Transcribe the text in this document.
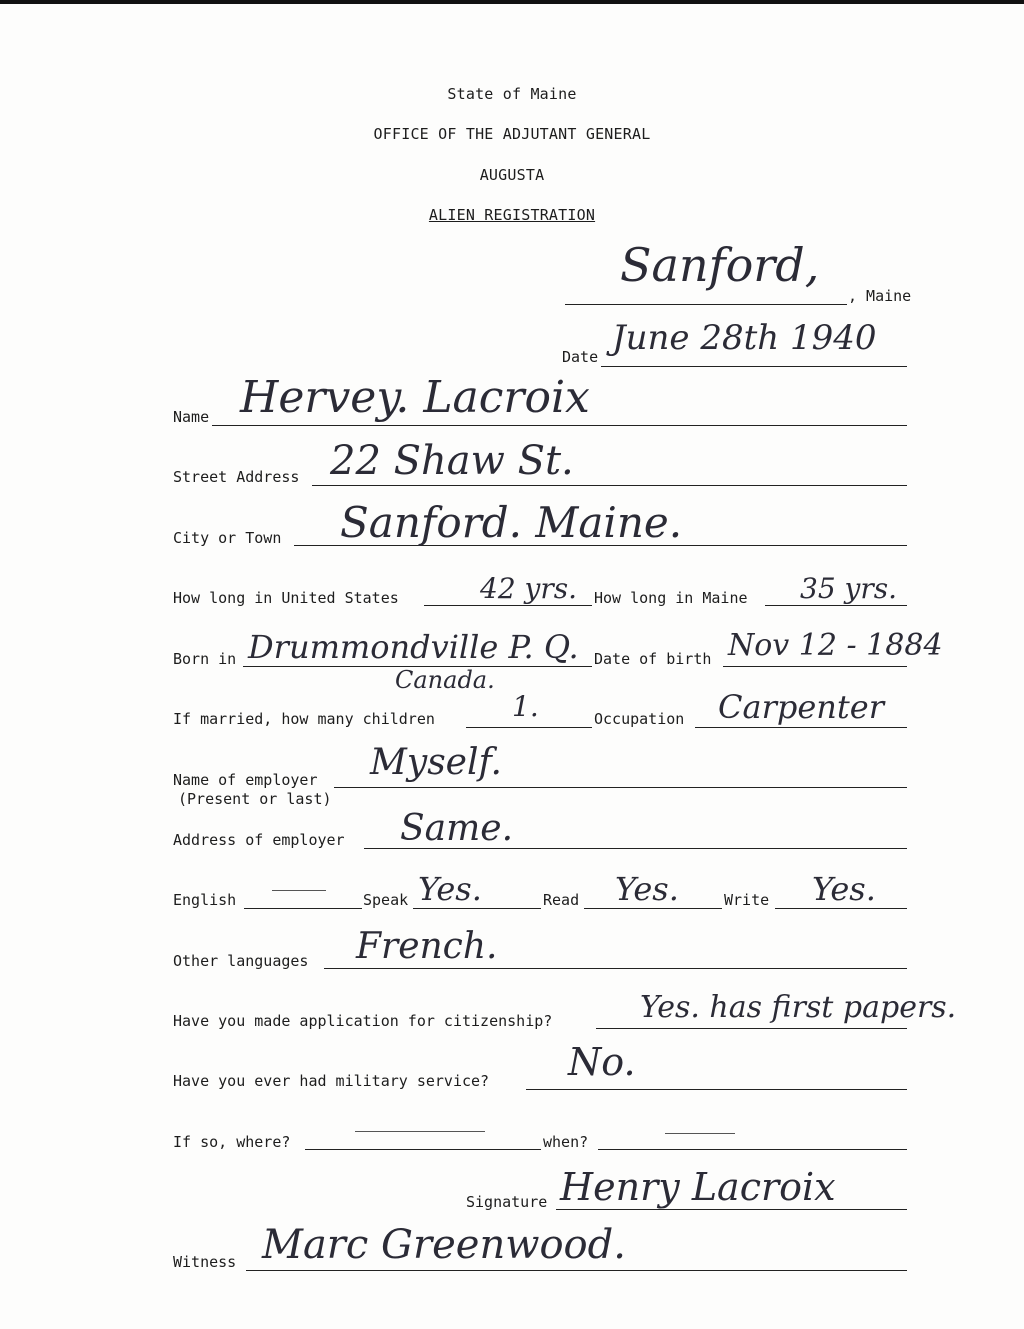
State of Maine
OFFICE OF THE ADJUTANT GENERAL
AUGUSTA
ALIEN REGISTRATION
, Maine
Sanford,
Date June 28th 1940
Name Hervey. Lacroix
Street Address 22 Shaw St.
City or Town Sanford. Maine.
How long in United States	42 yrs. How long in Maine 35 yrs.
Born in Drummondville P. Q.
Canada.
Date of birth Nov 12 - 1884
If married, how many children	1.	Occupation Carpenter
Name of employer
(Present or last)
Myself.
Address of employer Same.
English	Speak Yes.	Read Yes.	Write Yes.
Other languages French.
Have you made application for citizenship?	Yes. has first papers.
Have you ever had military service? No.
If so, where?	when?
Signature Henry Lacroix
Witness Marc Greenwood.
